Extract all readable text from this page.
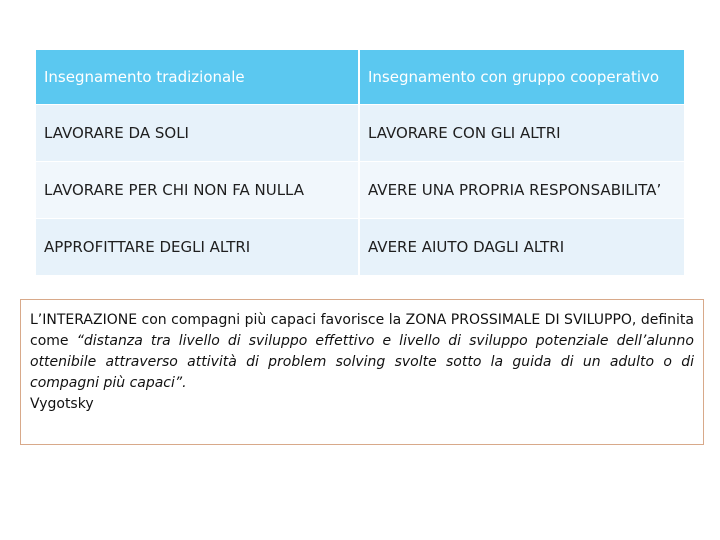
Insegnamento tradizionale	Insegnamento con gruppo cooperativo
LAVORARE DA SOLI	LAVORARE CON GLI ALTRI
LAVORARE PER CHI NON FA NULLA	AVERE UNA PROPRIA RESPONSABILITA’
APPROFITTARE DEGLI ALTRI	AVERE AIUTO DAGLI ALTRI
L’INTERAZIONE con compagni più capaci favorisce la ZONA PROSSIMALE DI SVILUPPO, definita come “distanza tra livello di sviluppo effettivo e livello di sviluppo potenziale dell’alunno ottenibile attraverso attività di problem solving svolte sotto la guida di un adulto o di compagni più capaci”.
Vygotsky
